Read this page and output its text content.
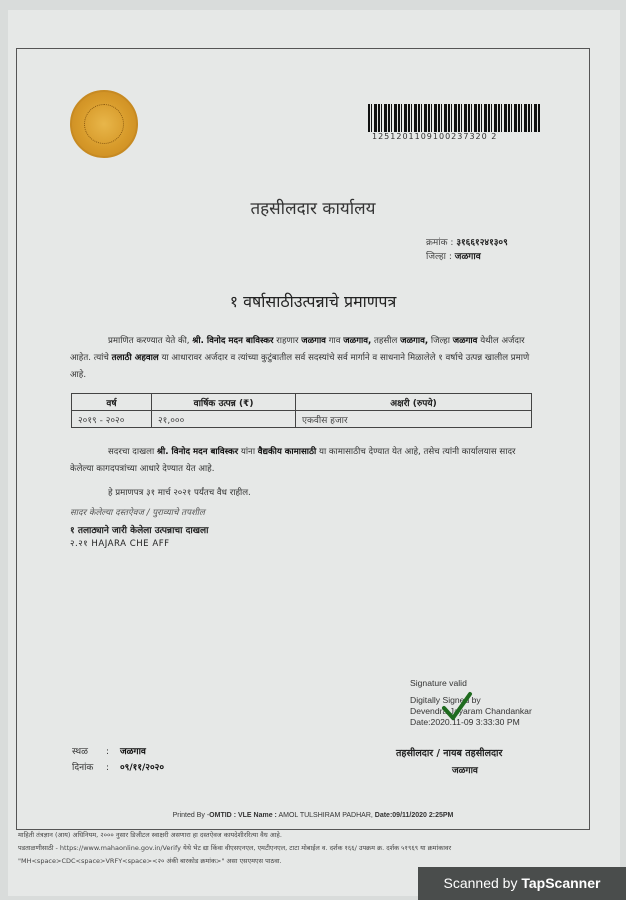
1251201109100237320 2
तहसीलदार कार्यालय
क्रमांक : ३१६६१२४१३०९
जिल्हा : जळगाव
१ वर्षासाठीउत्पन्नाचे प्रमाणपत्र
प्रमाणित करण्यात येते की, श्री. विनोद मदन बाविस्कर राहणार जळगाव गाव जळगाव, तहसील जळगाव, जिल्हा जळगाव येथील अर्जदार आहेत. त्यांचे तलाठी अहवाल या आधारावर अर्जदार व त्यांच्या कुटुंबातील सर्व सदस्यांचे सर्व मार्गाने व साधनाने मिळालेले १ वर्षाचे उत्पन्न खालील प्रमाणे आहे.
वर्ष	वार्षिक उत्पन्न (₹)	अक्षरी (रुपये)
२०१९ - २०२०	२१,०००	एकवीस हजार
सदरचा दाखला श्री. विनोद मदन बाविस्कर यांना वैद्यकीय कामासाठी या कामासाठीच देण्यात येत आहे, तसेच त्यांनी कार्यालयास सादर केलेल्या कागदपत्रांच्या आधारे देण्यात येत आहे.
हे प्रमाणपत्र ३१ मार्च २०२१ पर्यंतच वैध राहील.
सादर केलेल्या दस्तऐवज / पुराव्याचे तपशील
१ तलाठ्याने जारी केलेला उत्पन्नाचा दाखला
२.२१ HAJARA CHE AFF
Signature valid
Digitally Signed by
Devendra Jayaram Chandankar
Date:2020.11-09 3:33:30 PM
स्थळ : जळगाव
दिनांक : ०९/११/२०२०
तहसीलदार / नायब तहसीलदार
जळगाव
Printed By -OMTID : VLE Name : AMOL TULSHIRAM PADHAR, Date:09/11/2020 2:25PM
माहिती तंत्रज्ञान (आय) अधिनियम, २००० नुसार डिजीटल स्वाक्षरी असणारा हा दस्तऐवज कायदेशीररित्या वैध आहे.
पडताळणीसाठी - https://www.mahaonline.gov.in/Verify येथे भेट द्या किंवा वीएसएनएल, एमटीएनएल, टाटा मोबाईल व. दर्शक १६६/ उपक्रम क्र. दर्शक ५१९६९ या क्रमांकावर
"MH<space>CDC<space>VRFY<space><२० अंकी बारकोड क्रमांक>" असा एसएमएस पाठवा.
Scanned by TapScanner
